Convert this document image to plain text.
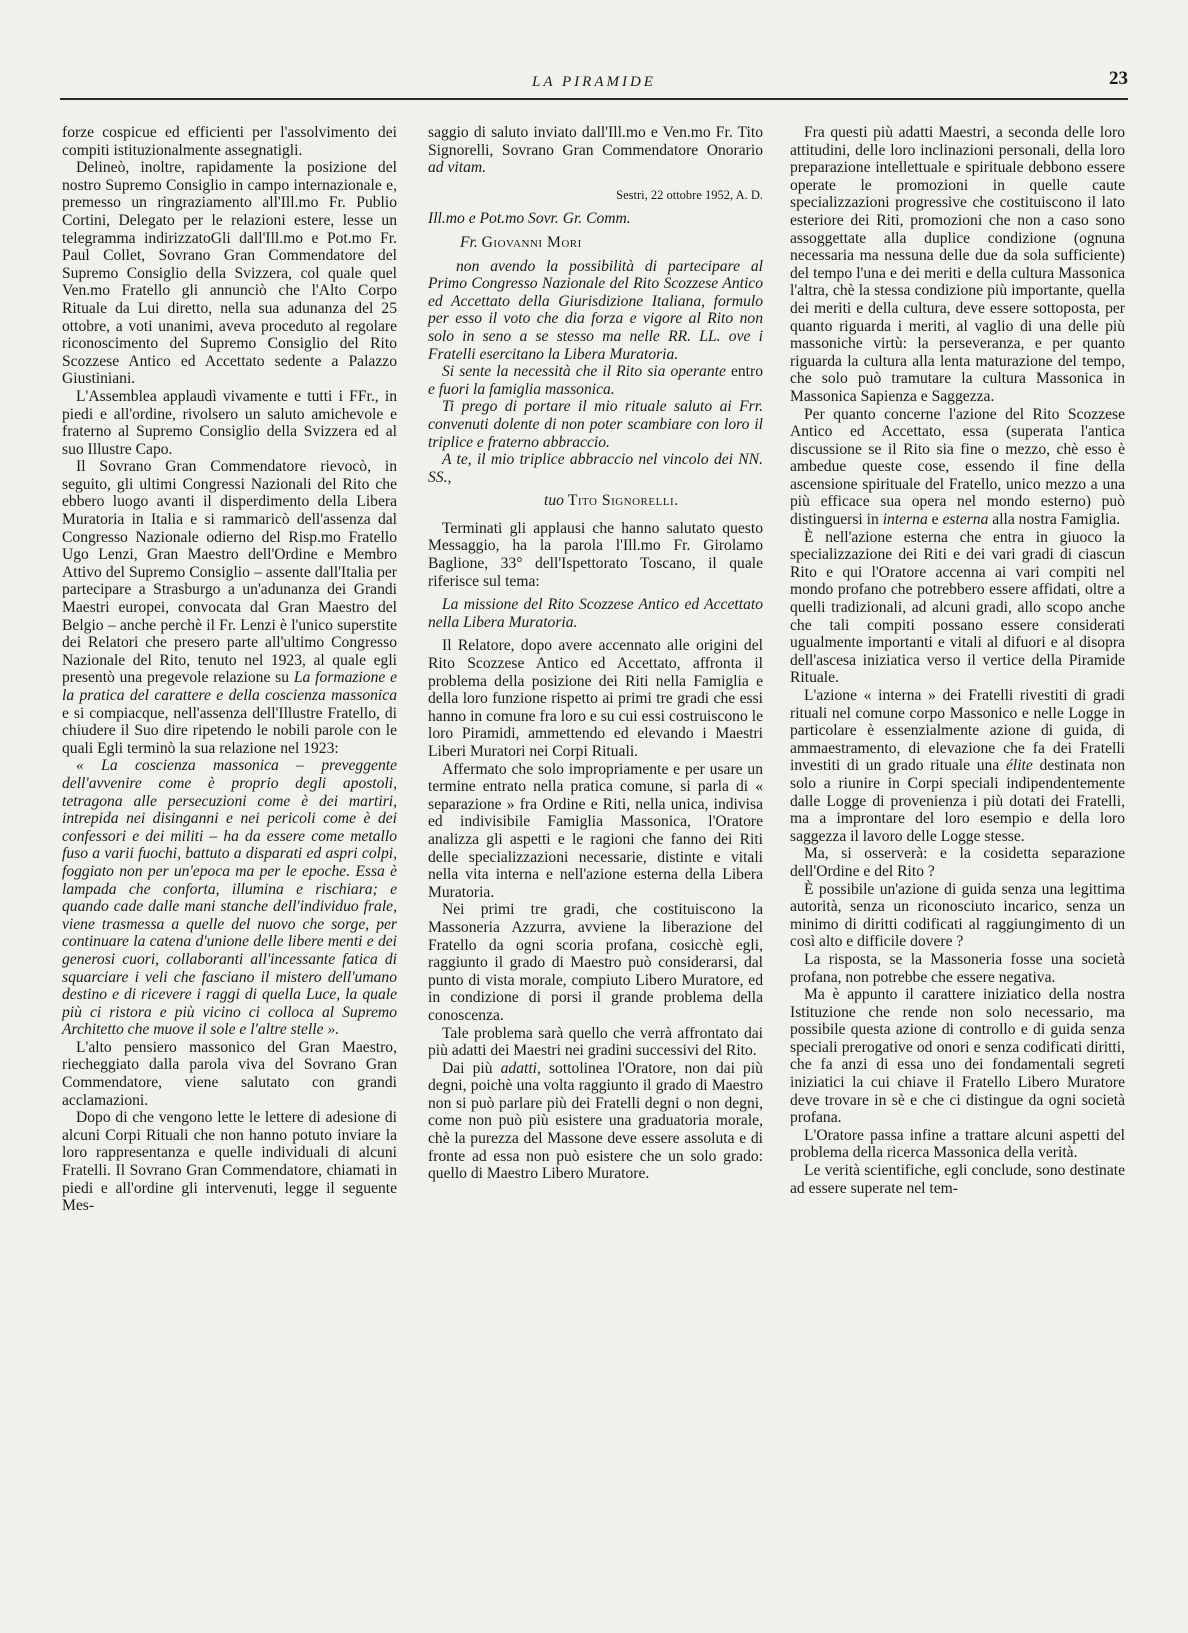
LA PIRAMIDE	23

forze cospicue ed efficienti per l'assolvimento dei compiti istituzionalmente assegnatigli.

Delineò, inoltre, rapidamente la posizione del nostro Supremo Consiglio in campo internazionale e, premesso un ringraziamento all'Ill.mo Fr. Publio Cortini, Delegato per le relazioni estere, lesse un telegramma indirizzatoGli dall'Ill.mo e Pot.mo Fr. Paul Collet, Sovrano Gran Commendatore del Supremo Consiglio della Svizzera, col quale quel Ven.mo Fratello gli annunciò che l'Alto Corpo Rituale da Lui diretto, nella sua adunanza del 25 ottobre, a voti unanimi, aveva proceduto al regolare riconoscimento del Supremo Consiglio del Rito Scozzese Antico ed Accettato sedente a Palazzo Giustiniani.

L'Assemblea applaudì vivamente e tutti i FFr., in piedi e all'ordine, rivolsero un saluto amichevole e fraterno al Supremo Consiglio della Svizzera ed al suo Illustre Capo.

Il Sovrano Gran Commendatore rievocò, in seguito, gli ultimi Congressi Nazionali del Rito che ebbero luogo avanti il disperdimento della Libera Muratoria in Italia e si rammaricò dell'assenza dal Congresso Nazionale odierno del Risp.mo Fratello Ugo Lenzi, Gran Maestro dell'Ordine e Membro Attivo del Supremo Consiglio – assente dall'Italia per partecipare a Strasburgo a un'adunanza dei Grandi Maestri europei, convocata dal Gran Maestro del Belgio – anche perchè il Fr. Lenzi è l'unico superstite dei Relatori che presero parte all'ultimo Congresso Nazionale del Rito, tenuto nel 1923, al quale egli presentò una pregevole relazione su La formazione e la pratica del carattere e della coscienza massonica e si compiacque, nell'assenza dell'Illustre Fratello, di chiudere il Suo dire ripetendo le nobili parole con le quali Egli terminò la sua relazione nel 1923:

« La coscienza massonica – preveggente dell'avvenire come è proprio degli apostoli, tetragona alle persecuzioni come è dei martiri, intrepida nei disinganni e nei pericoli come è dei confessori e dei militi – ha da essere come metallo fuso a varii fuochi, battuto a disparati ed aspri colpi, foggiato non per un'epoca ma per le epoche. Essa è lampada che conforta, illumina e rischiara; e quando cade dalle mani stanche dell'individuo frale, viene trasmessa a quelle del nuovo che sorge, per continuare la catena d'unione delle libere menti e dei generosi cuori, collaboranti all'incessante fatica di squarciare i veli che fasciano il mistero dell'umano destino e di ricevere i raggi di quella Luce, la quale più ci ristora e più vicino ci colloca al Supremo Architetto che muove il sole e l'altre stelle ».

L'alto pensiero massonico del Gran Maestro, riecheggiato dalla parola viva del Sovrano Gran Commendatore, viene salutato con grandi acclamazioni.

Dopo di che vengono lette le lettere di adesione di alcuni Corpi Rituali che non hanno potuto inviare la loro rappresentanza e quelle individuali di alcuni Fratelli. Il Sovrano Gran Commendatore, chiamati in piedi e all'ordine gli intervenuti, legge il seguente Mes-

saggio di saluto inviato dall'Ill.mo e Ven.mo Fr. Tito Signorelli, Sovrano Gran Commendatore Onorario ad vitam.

Sestri, 22 ottobre 1952, A. D.

Ill.mo e Pot.mo Sovr. Gr. Comm.

Fr. Giovanni Mori

non avendo la possibilità di partecipare al Primo Congresso Nazionale del Rito Scozzese Antico ed Accettato della Giurisdizione Italiana, formulo per esso il voto che dia forza e vigore al Rito non solo in seno a se stesso ma nelle RR. LL. ove i Fratelli esercitano la Libera Muratoria.

Si sente la necessità che il Rito sia operante entro e fuori la famiglia massonica.

Ti prego di portare il mio rituale saluto ai Frr. convenuti dolente di non poter scambiare con loro il triplice e fraterno abbraccio.

A te, il mio triplice abbraccio nel vincolo dei NN. SS.,

tuo Tito Signorelli.

Terminati gli applausi che hanno salutato questo Messaggio, ha la parola l'Ill.mo Fr. Girolamo Baglione, 33° dell'Ispettorato Toscano, il quale riferisce sul tema:

La missione del Rito Scozzese Antico ed Accettato nella Libera Muratoria.

Il Relatore, dopo avere accennato alle origini del Rito Scozzese Antico ed Accettato, affronta il problema della posizione dei Riti nella Famiglia e della loro funzione rispetto ai primi tre gradi che essi hanno in comune fra loro e su cui essi costruiscono le loro Piramidi, ammettendo ed elevando i Maestri Liberi Muratori nei Corpi Rituali.

Affermato che solo impropriamente e per usare un termine entrato nella pratica comune, si parla di « separazione » fra Ordine e Riti, nella unica, indivisa ed indivisibile Famiglia Massonica, l'Oratore analizza gli aspetti e le ragioni che fanno dei Riti delle specializzazioni necessarie, distinte e vitali nella vita interna e nell'azione esterna della Libera Muratoria.

Nei primi tre gradi, che costituiscono la Massoneria Azzurra, avviene la liberazione del Fratello da ogni scoria profana, cosicchè egli, raggiunto il grado di Maestro può considerarsi, dal punto di vista morale, compiuto Libero Muratore, ed in condizione di porsi il grande problema della conoscenza.

Tale problema sarà quello che verrà affrontato dai più adatti dei Maestri nei gradini successivi del Rito.

Dai più adatti, sottolinea l'Oratore, non dai più degni, poichè una volta raggiunto il grado di Maestro non si può parlare più dei Fratelli degni o non degni, come non può più esistere una graduatoria morale, chè la purezza del Massone deve essere assoluta e di fronte ad essa non può esistere che un solo grado: quello di Maestro Libero Muratore.

Fra questi più adatti Maestri, a seconda delle loro attitudini, delle loro inclinazioni personali, della loro preparazione intellettuale e spirituale debbono essere operate le promozioni in quelle caute specializzazioni progressive che costituiscono il lato esteriore dei Riti, promozioni che non a caso sono assoggettate alla duplice condizione (ognuna necessaria ma nessuna delle due da sola sufficiente) del tempo l'una e dei meriti e della cultura Massonica l'altra, chè la stessa condizione più importante, quella dei meriti e della cultura, deve essere sottoposta, per quanto riguarda i meriti, al vaglio di una delle più massoniche virtù: la perseveranza, e per quanto riguarda la cultura alla lenta maturazione del tempo, che solo può tramutare la cultura Massonica in Massonica Sapienza e Saggezza.

Per quanto concerne l'azione del Rito Scozzese Antico ed Accettato, essa (superata l'antica discussione se il Rito sia fine o mezzo, chè esso è ambedue queste cose, essendo il fine della ascensione spirituale del Fratello, unico mezzo a una più efficace sua opera nel mondo esterno) può distinguersi in interna e esterna alla nostra Famiglia.

È nell'azione esterna che entra in giuoco la specializzazione dei Riti e dei vari gradi di ciascun Rito e qui l'Oratore accenna ai vari compiti nel mondo profano che potrebbero essere affidati, oltre a quelli tradizionali, ad alcuni gradi, allo scopo anche che tali compiti possano essere considerati ugualmente importanti e vitali al difuori e al disopra dell'ascesa iniziatica verso il vertice della Piramide Rituale.

L'azione « interna » dei Fratelli rivestiti di gradi rituali nel comune corpo Massonico e nelle Logge in particolare è essenzialmente azione di guida, di ammaestramento, di elevazione che fa dei Fratelli investiti di un grado rituale una élite destinata non solo a riunire in Corpi speciali indipendentemente dalle Logge di provenienza i più dotati dei Fratelli, ma a improntare del loro esempio e della loro saggezza il lavoro delle Logge stesse.

Ma, si osserverà: e la cosidetta separazione dell'Ordine e del Rito ?

È possibile un'azione di guida senza una legittima autorità, senza un riconosciuto incarico, senza un minimo di diritti codificati al raggiungimento di un così alto e difficile dovere ?

La risposta, se la Massoneria fosse una società profana, non potrebbe che essere negativa.

Ma è appunto il carattere iniziatico della nostra Istituzione che rende non solo necessario, ma possibile questa azione di controllo e di guida senza speciali prerogative od onori e senza codificati diritti, che fa anzi di essa uno dei fondamentali segreti iniziatici la cui chiave il Fratello Libero Muratore deve trovare in sè e che ci distingue da ogni società profana.

L'Oratore passa infine a trattare alcuni aspetti del problema della ricerca Massonica della verità.

Le verità scientifiche, egli conclude, sono destinate ad essere superate nel tem-
